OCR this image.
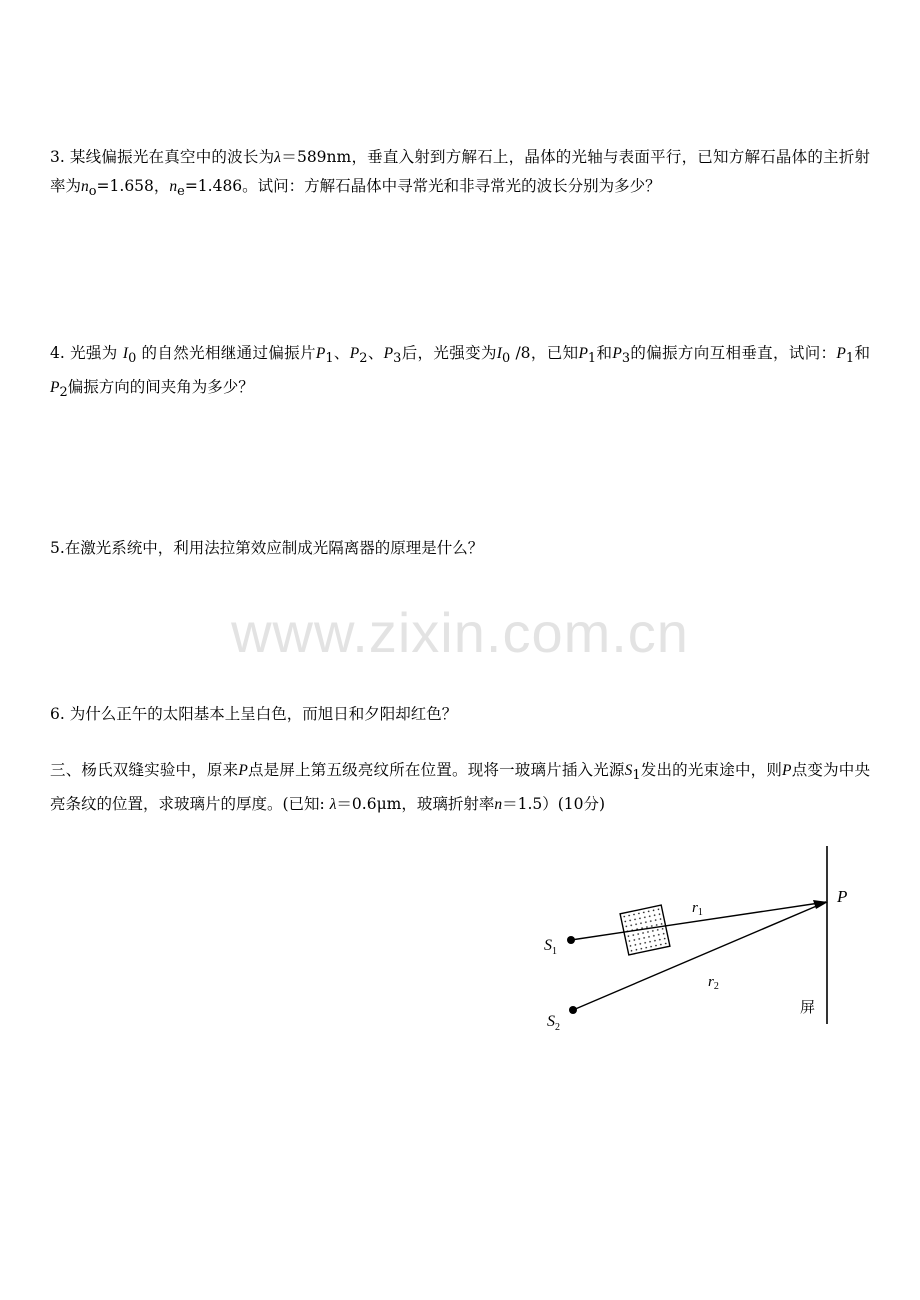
3. 某线偏振光在真空中的波长为λ＝589nm，垂直入射到方解石上，晶体的光轴与表面平行，已知方解石晶体的主折射率为$n_o=1.658$，$n_e=1.486$。试问：方解石晶体中寻常光和非寻常光的波长分别为多少？
4. 光强为 $I_0$ 的自然光相继通过偏振片$P_1$、$P_2$、$P_3$后，光强变为$I_0$ /8，已知$P_1$和$P_3$的偏振方向互相垂直，试问：$P_1$和$P_2$偏振方向的间夹角为多少？
5.在激光系统中，利用法拉第效应制成光隔离器的原理是什么？
www.zixin.com.cn
6. 为什么正午的太阳基本上呈白色，而旭日和夕阳却红色？
三、杨氏双缝实验中，原来P点是屏上第五级亮纹所在位置。现将一玻璃片插入光源$S_1$发出的光束途中，则P点变为中央亮条纹的位置，求玻璃片的厚度。(已知: λ＝0.6μm，玻璃折射率n＝1.5）(10分)
P
$r_1$
$r_2$
$S_1$
$S_2$
屏
